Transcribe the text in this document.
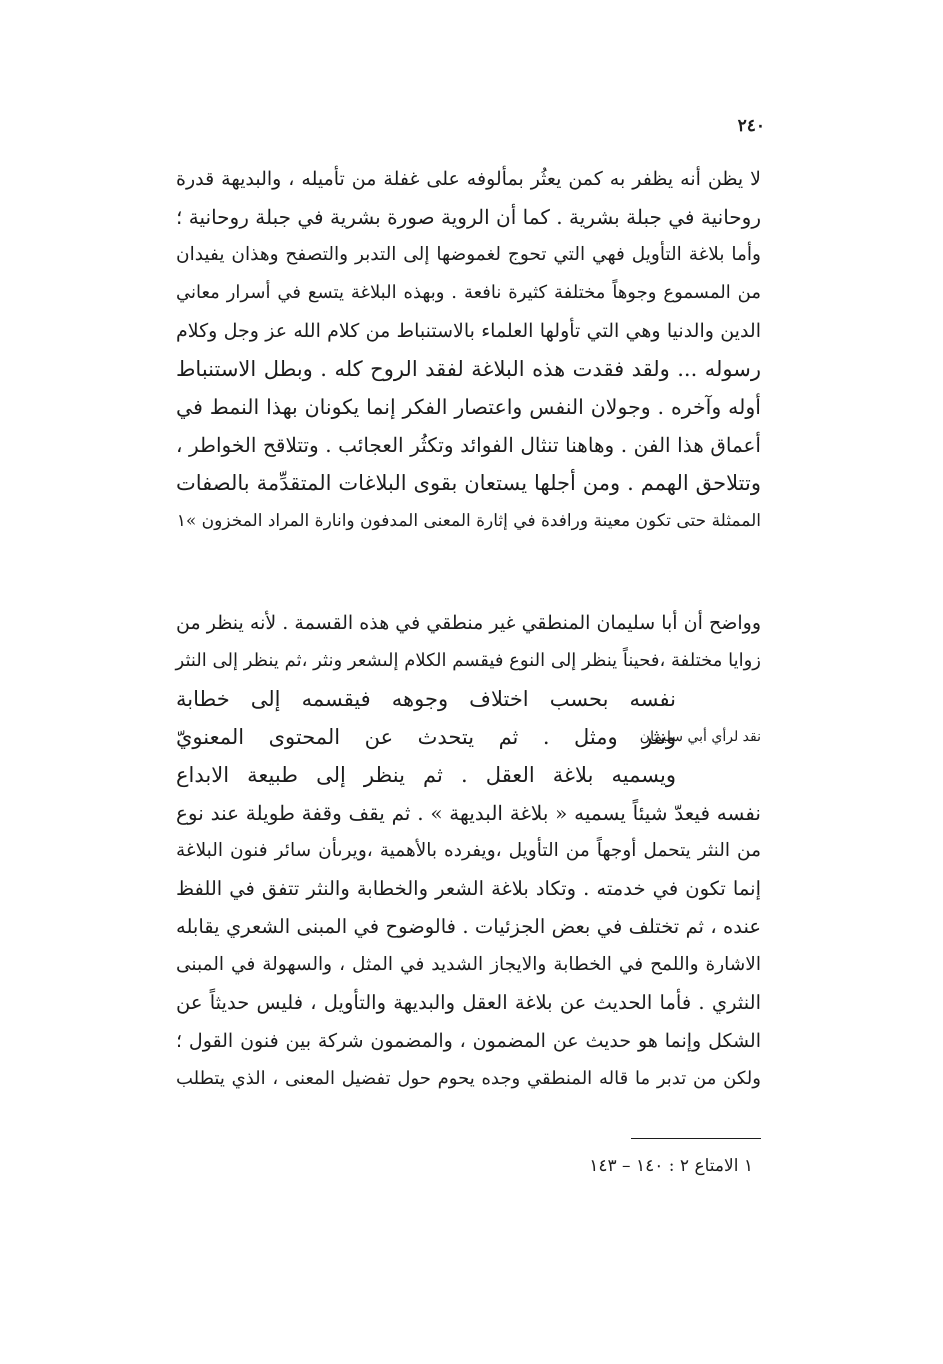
٢٤٠
لا يظن أنه يظفر به كمن يعثُر بمألوفه على غفلة من تأميله ، والبديهة قدرة
روحانية في جبلة بشرية . كما أن الروية صورة بشرية في جبلة روحانية ؛
وأما بلاغة التأويل فهي التي تحوج لغموضها إلى التدبر والتصفح وهذان يفيدان
من المسموع وجوهاً مختلفة كثيرة نافعة . وبهذه البلاغة يتسع في أسرار معاني
الدين والدنيا وهي التي تأولها العلماء بالاستنباط من كلام الله عز وجل وكلام
رسوله ... ولقد فقدت هذه البلاغة لفقد الروح كله . وبطل الاستنباط
أوله وآخره . وجولان النفس واعتصار الفكر إنما يكونان بهذا النمط في
أعماق هذا الفن . وهاهنا تنثال الفوائد وتكثُر العجائب . وتتلاقح الخواطر ،
وتتلاحق الهمم . ومن أجلها يستعان بقوى البلاغات المتقدِّمة بالصفات
الممثلة حتى تكون معينة ورافدة في إثارة المعنى المدفون وانارة المراد المخزون »١
وواضح أن أبا سليمان المنطقي غير منطقي في هذه القسمة . لأنه ينظر من
زوايا مختلفة ،فحيناً ينظر إلى النوع فيقسم الكلام إلىشعر ونثر ،ثم ينظر إلى النثر
نفسه بحسب اختلاف وجوهه فيقسمه إلى خطابة
ونثر ومثل . ثم يتحدث عن المحتوى المعنويّ
ويسميه بلاغة العقل . ثم ينظر إلى طبيعة الابداع
نفسه فيعدّ شيئاً يسميه « بلاغة البديهة » . ثم يقف وقفة طويلة عند نوع
من النثر يتحمل أوجهاً من التأويل ،ويفرده بالأهمية ،ويرىأن سائر فنون البلاغة
إنما تكون في خدمته . وتكاد بلاغة الشعر والخطابة والنثر تتفق في اللفظ
عنده ، ثم تختلف في بعض الجزئيات . فالوضوح في المبنى الشعري يقابله
الاشارة واللمح في الخطابة والايجاز الشديد في المثل ، والسهولة في المبنى
النثري . فأما الحديث عن بلاغة العقل والبديهة والتأويل ، فليس حديثاً عن
الشكل وإنما هو حديث عن المضمون ، والمضمون شركة بين فنون القول ؛
ولكن من تدبر ما قاله المنطقي وجده يحوم حول تفضيل المعنى ، الذي يتطلب
نقد لرأي أبي سليمان
١ الامتاع ٢ : ١٤٠ – ١٤٣
